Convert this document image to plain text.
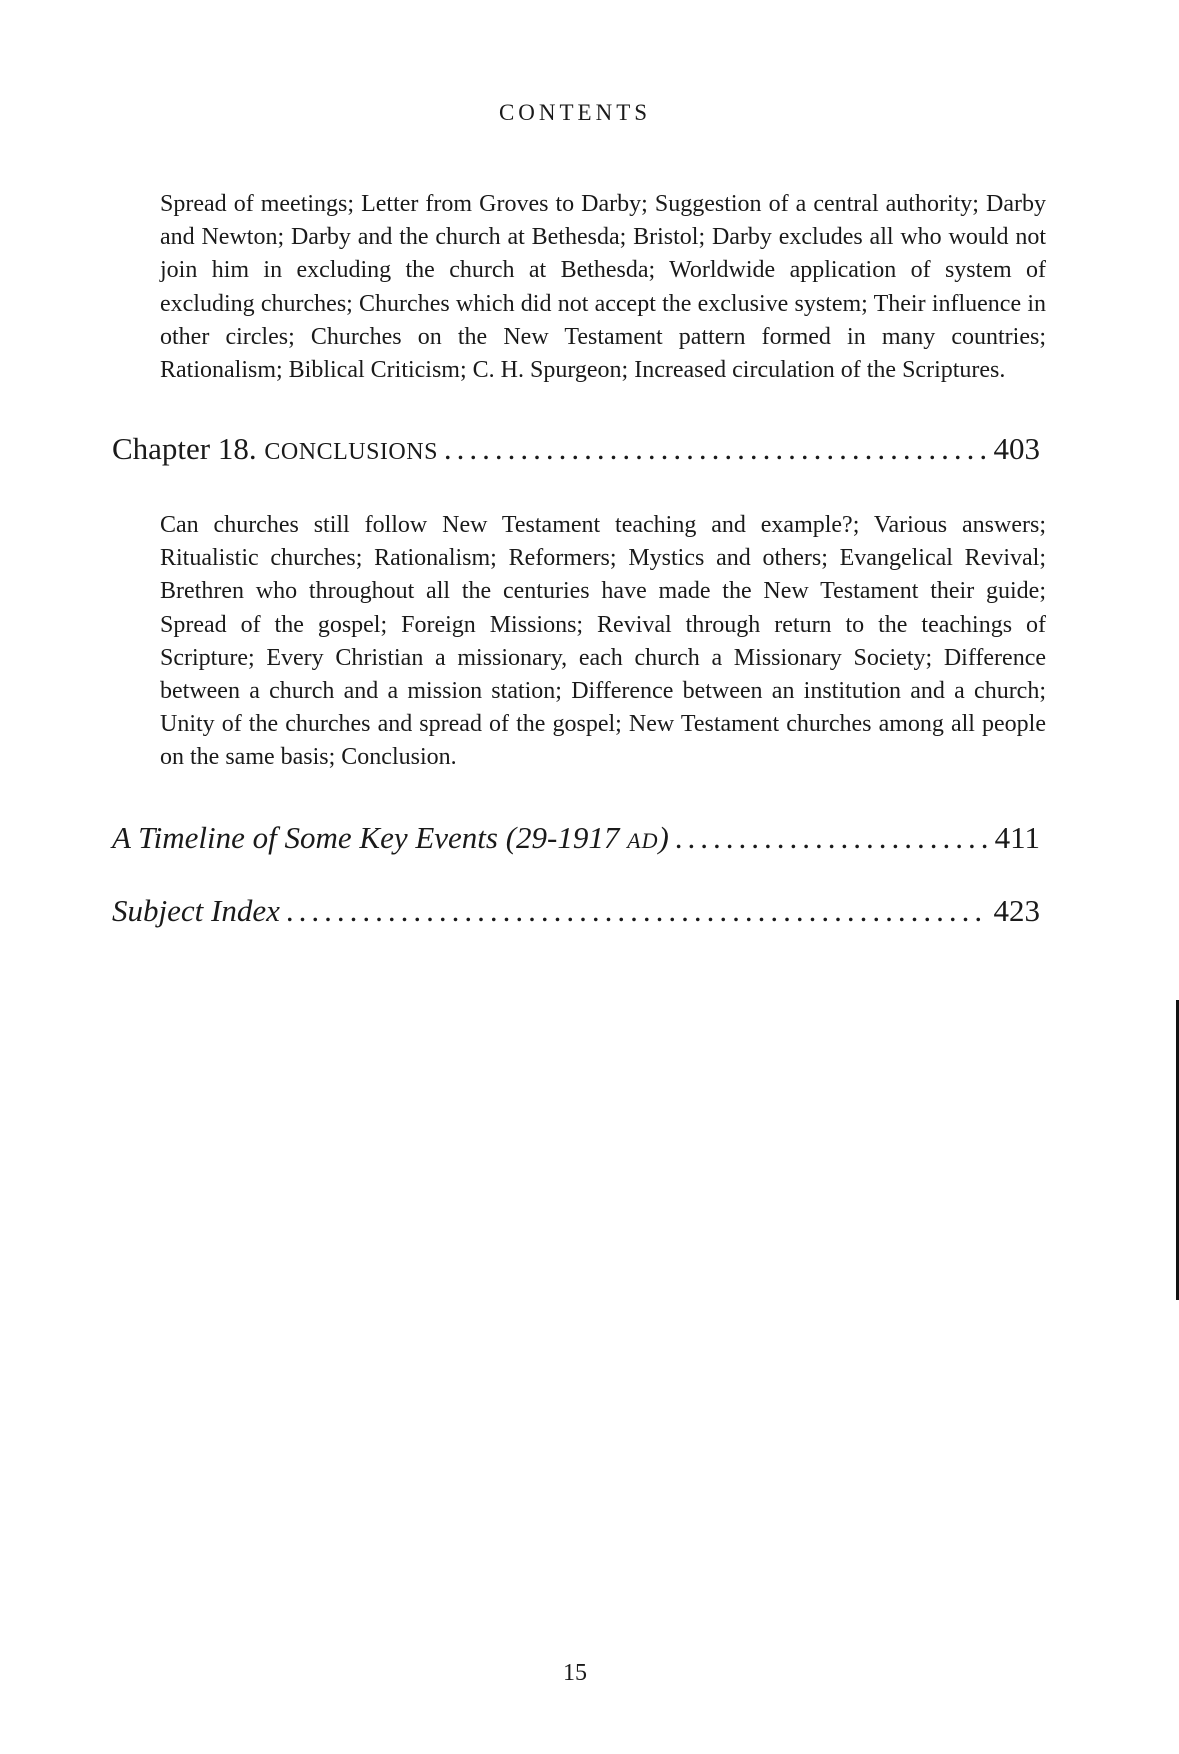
CONTENTS

Spread of meetings; Letter from Groves to Darby; Suggestion of a central authority; Darby and Newton; Darby and the church at Bethesda; Bristol; Darby excludes all who would not join him in excluding the church at Bethesda; Worldwide application of system of excluding churches; Churches which did not accept the exclusive system; Their influence in other circles; Churches on the New Testament pattern formed in many countries; Rationalism; Biblical Criticism; C. H. Spurgeon; Increased circulation of the Scriptures.

Chapter 18. CONCLUSIONS .....	403

Can churches still follow New Testament teaching and example?; Various answers; Ritualistic churches; Rationalism; Reformers; Mystics and others; Evangelical Revival; Brethren who throughout all the centuries have made the New Testament their guide; Spread of the gospel; Foreign Missions; Revival through return to the teachings of Scripture; Every Christian a missionary, each church a Missionary Society; Difference between a church and a mission station; Difference between an institution and a church; Unity of the churches and spread of the gospel; New Testament churches among all people on the same basis; Conclusion.

A Timeline of Some Key Events (29-1917 AD) .....	411
Subject Index .....	423
15
